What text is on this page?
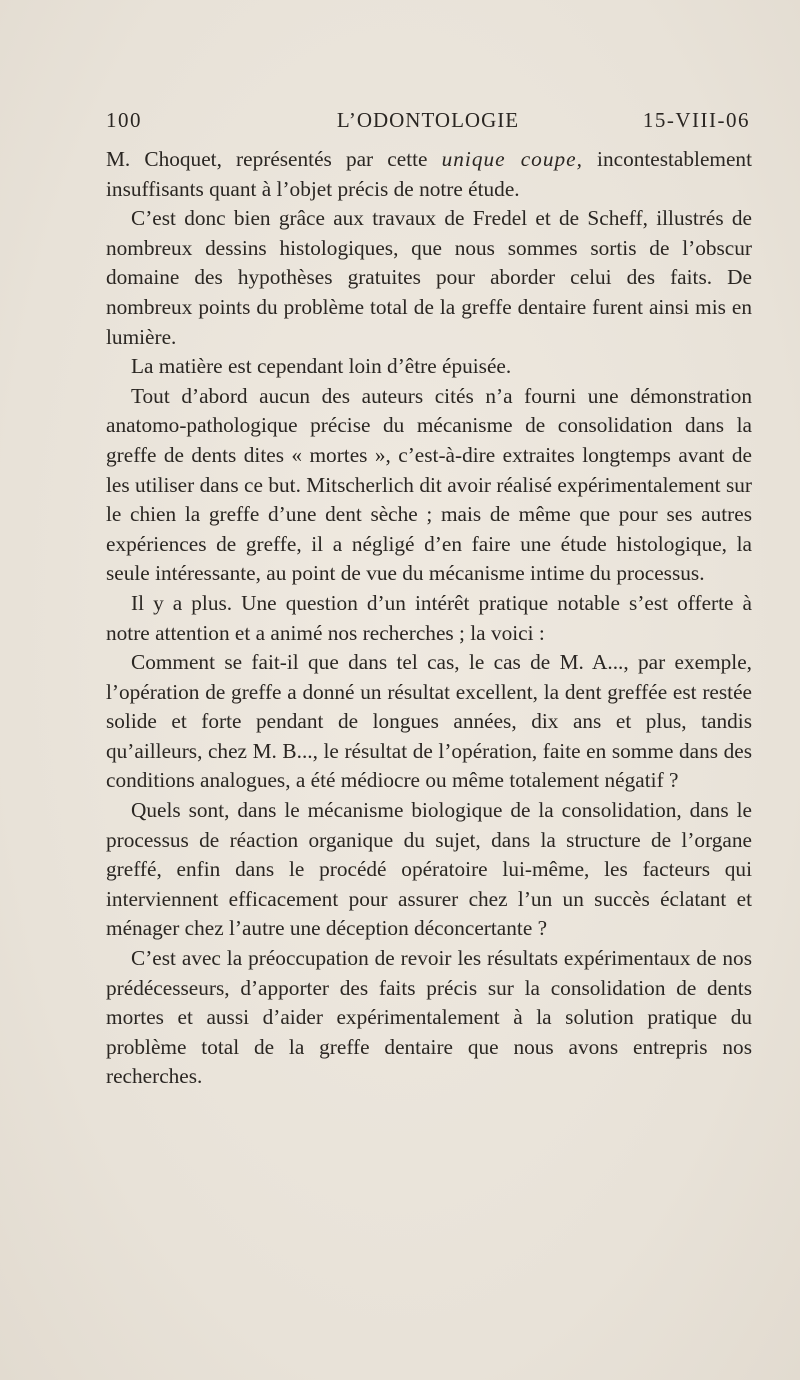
100	L’ODONTOLOGIE	15-VIII-06

M. Choquet, représentés par cette unique coupe, incontestablement insuffisants quant à l’objet précis de notre étude.

C’est donc bien grâce aux travaux de Fredel et de Scheff, illustrés de nombreux dessins histologiques, que nous sommes sortis de l’obscur domaine des hypothèses gratuites pour aborder celui des faits. De nombreux points du problème total de la greffe dentaire furent ainsi mis en lumière.

La matière est cependant loin d’être épuisée.

Tout d’abord aucun des auteurs cités n’a fourni une démonstration anatomo-pathologique précise du mécanisme de consolidation dans la greffe de dents dites « mortes », c’est-à-dire extraites longtemps avant de les utiliser dans ce but. Mitscherlich dit avoir réalisé expérimentalement sur le chien la greffe d’une dent sèche ; mais de même que pour ses autres expériences de greffe, il a négligé d’en faire une étude histologique, la seule intéressante, au point de vue du mécanisme intime du processus.

Il y a plus. Une question d’un intérêt pratique notable s’est offerte à notre attention et a animé nos recherches ; la voici :

Comment se fait-il que dans tel cas, le cas de M. A..., par exemple, l’opération de greffe a donné un résultat excellent, la dent greffée est restée solide et forte pendant de longues années, dix ans et plus, tandis qu’ailleurs, chez M. B..., le résultat de l’opération, faite en somme dans des conditions analogues, a été médiocre ou même totalement négatif ?

Quels sont, dans le mécanisme biologique de la consolidation, dans le processus de réaction organique du sujet, dans la structure de l’organe greffé, enfin dans le procédé opératoire lui-même, les facteurs qui interviennent efficacement pour assurer chez l’un un succès éclatant et ménager chez l’autre une déception déconcertante ?

C’est avec la préoccupation de revoir les résultats expérimentaux de nos prédécesseurs, d’apporter des faits précis sur la consolidation de dents mortes et aussi d’aider expérimentalement à la solution pratique du problème total de la greffe dentaire que nous avons entrepris nos recherches.
